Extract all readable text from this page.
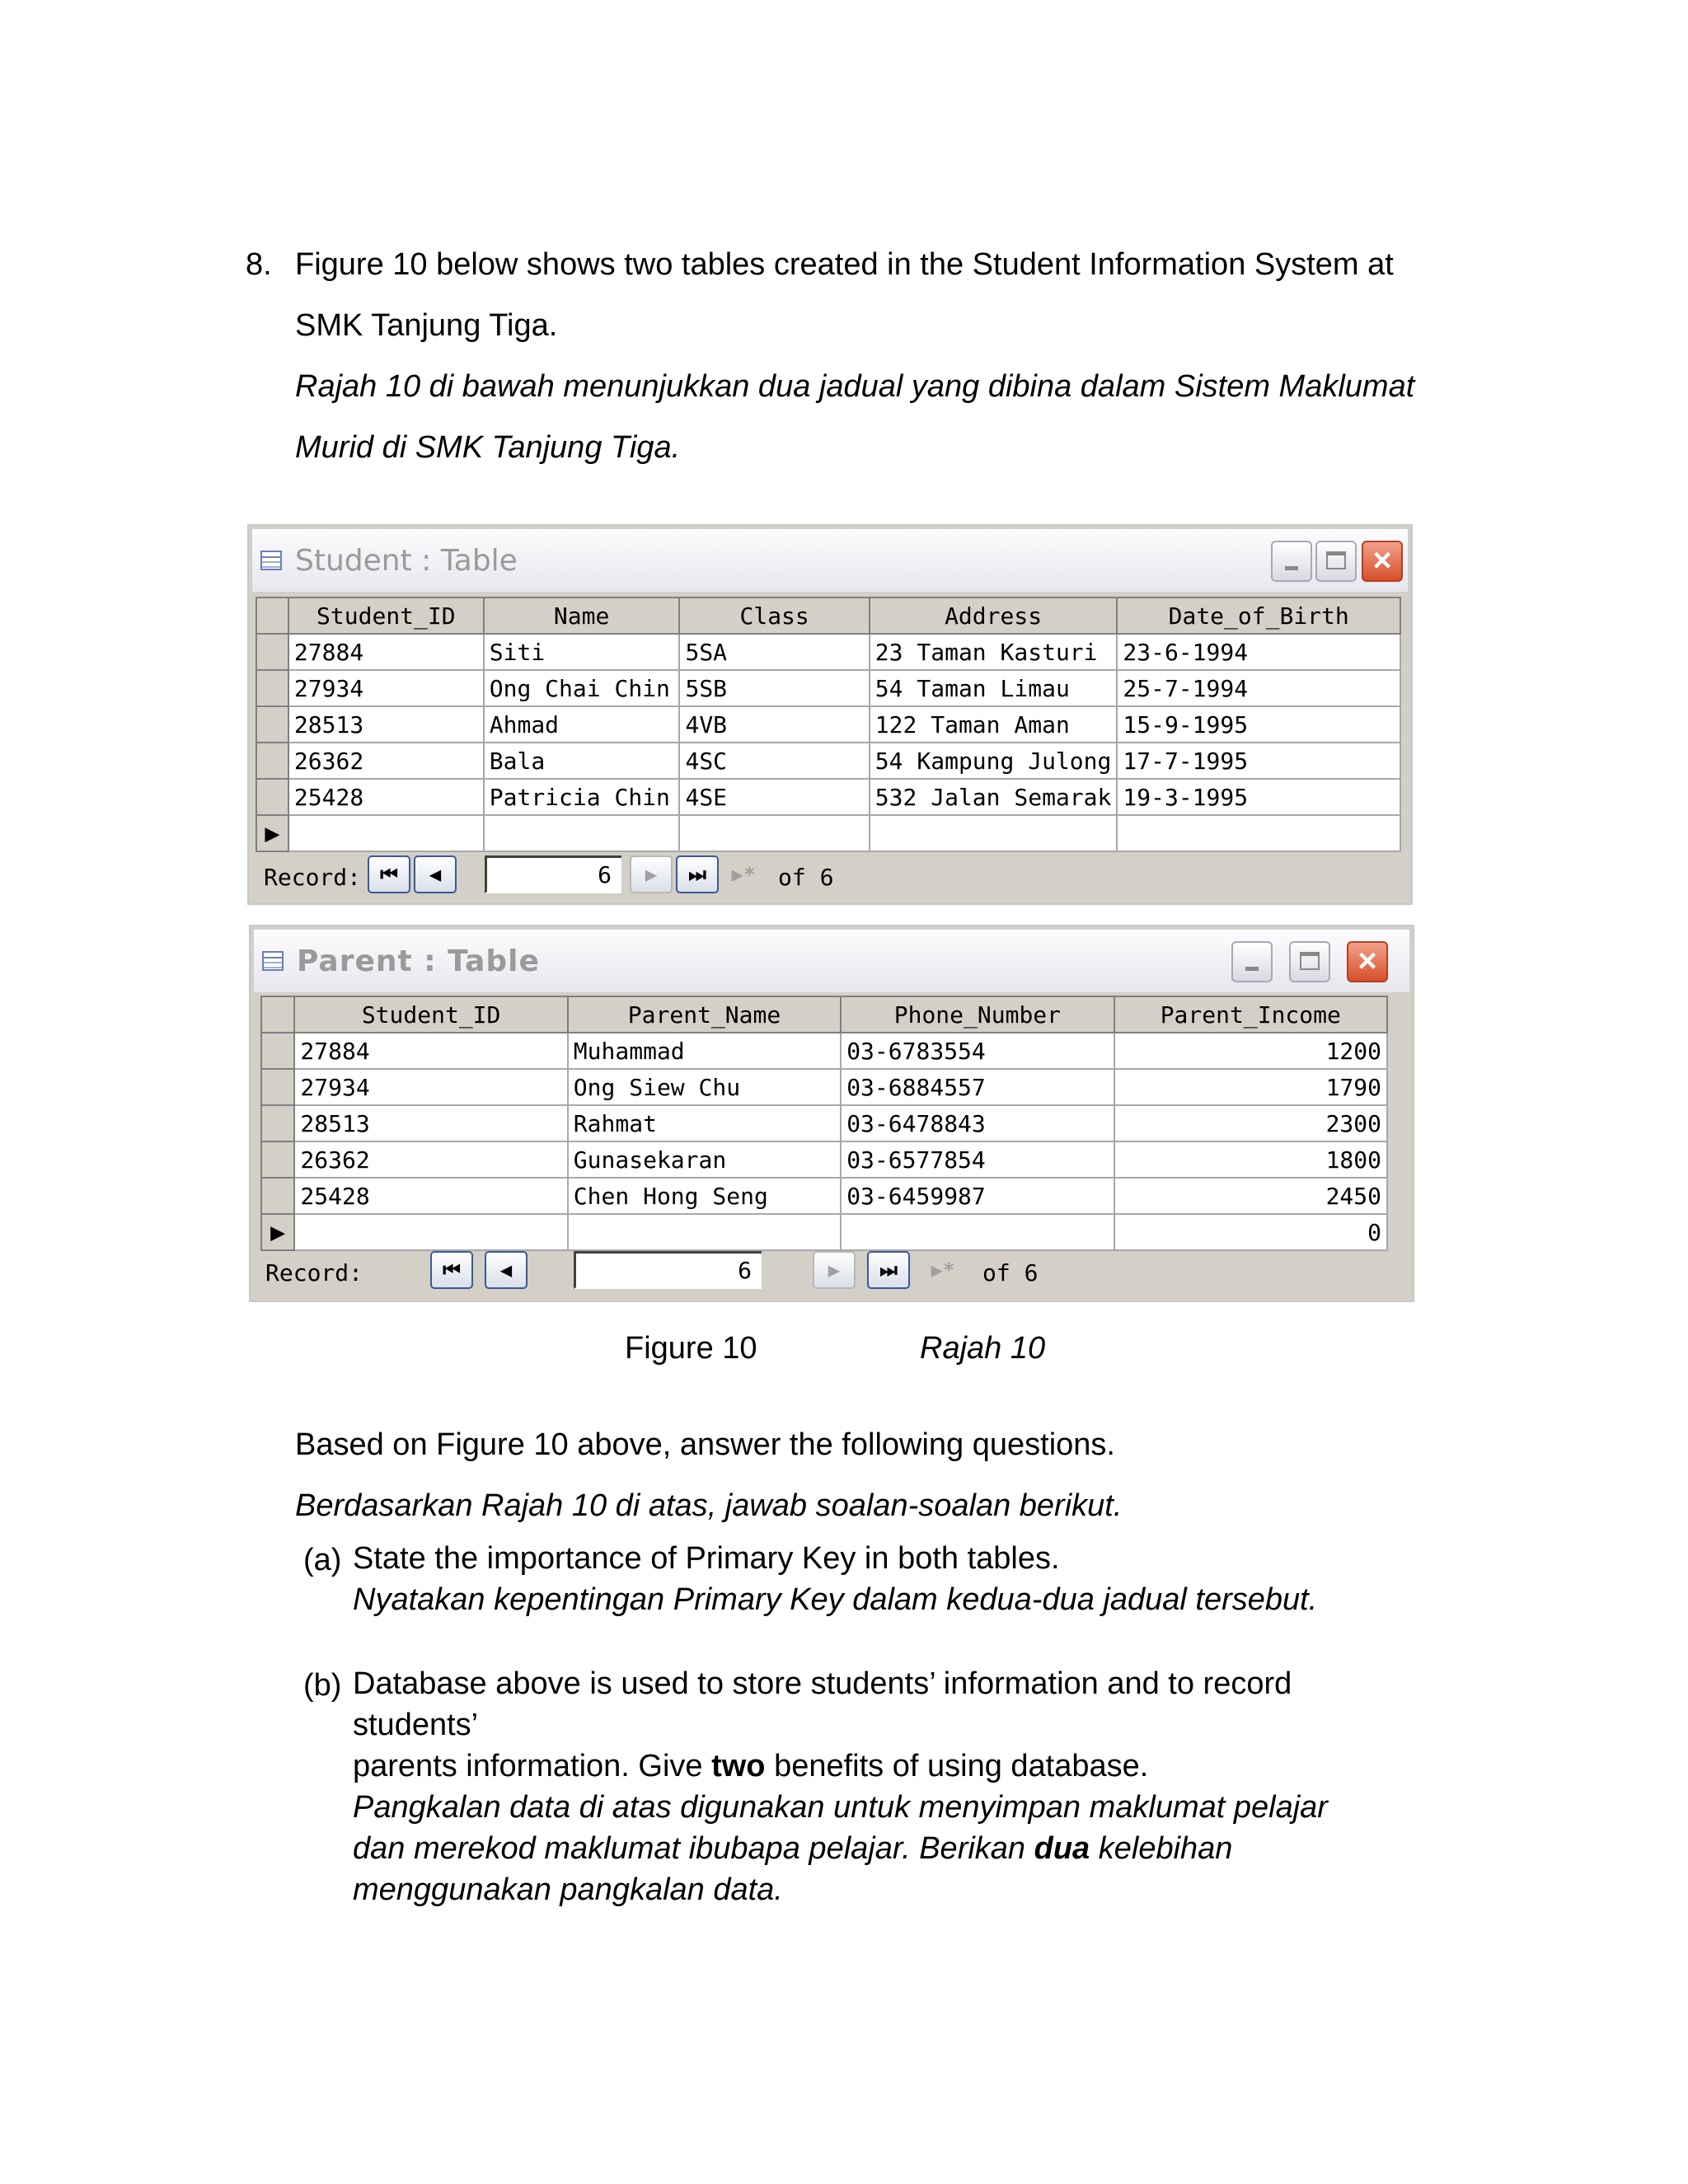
8. Figure 10 below shows two tables created in the Student Information System at
SMK Tanjung Tiga.
Rajah 10 di bawah menunjukkan dua jadual yang dibina dalam Sistem Maklumat
Murid di SMK Tanjung Tiga.
Student : Table	×
	Student_ID	Name	Class	Address	Date_of_Birth
	27884	Siti	5SA	23 Taman Kasturi	23-6-1994
	27934	Ong Chai Chin	5SB	54 Taman Limau	25-7-1994
	28513	Ahmad	4VB	122 Taman Aman	15-9-1995
	26362	Bala	4SC	54 Kampung Julong	17-7-1995
	25428	Patricia Chin	4SE	532 Jalan Semarak	19-3-1995
▶					
Record: ⏮	◀	6	▶	⏭	▶* of 6
Parent : Table	×
	Student_ID	Parent_Name	Phone_Number	Parent_Income
	27884	Muhammad	03-6783554	1200
	27934	Ong Siew Chu	03-6884557	1790
	28513	Rahmat	03-6478843	2300
	26362	Gunasekaran	03-6577854	1800
	25428	Chen Hong Seng	03-6459987	2450
▶				0
Record:	⏮	◀	6	▶	⏭	▶*	of 6
Figure 10	Rajah 10
Based on Figure 10 above, answer the following questions.
Berdasarkan Rajah 10 di atas, jawab soalan-soalan berikut.
(a) State the importance of Primary Key in both tables.
Nyatakan kepentingan Primary Key dalam kedua-dua jadual tersebut.
(b) Database above is used to store students’ information and to record
students’
parents information. Give two benefits of using database.
Pangkalan data di atas digunakan untuk menyimpan maklumat pelajar
dan merekod maklumat ibubapa pelajar. Berikan dua kelebihan
menggunakan pangkalan data.
